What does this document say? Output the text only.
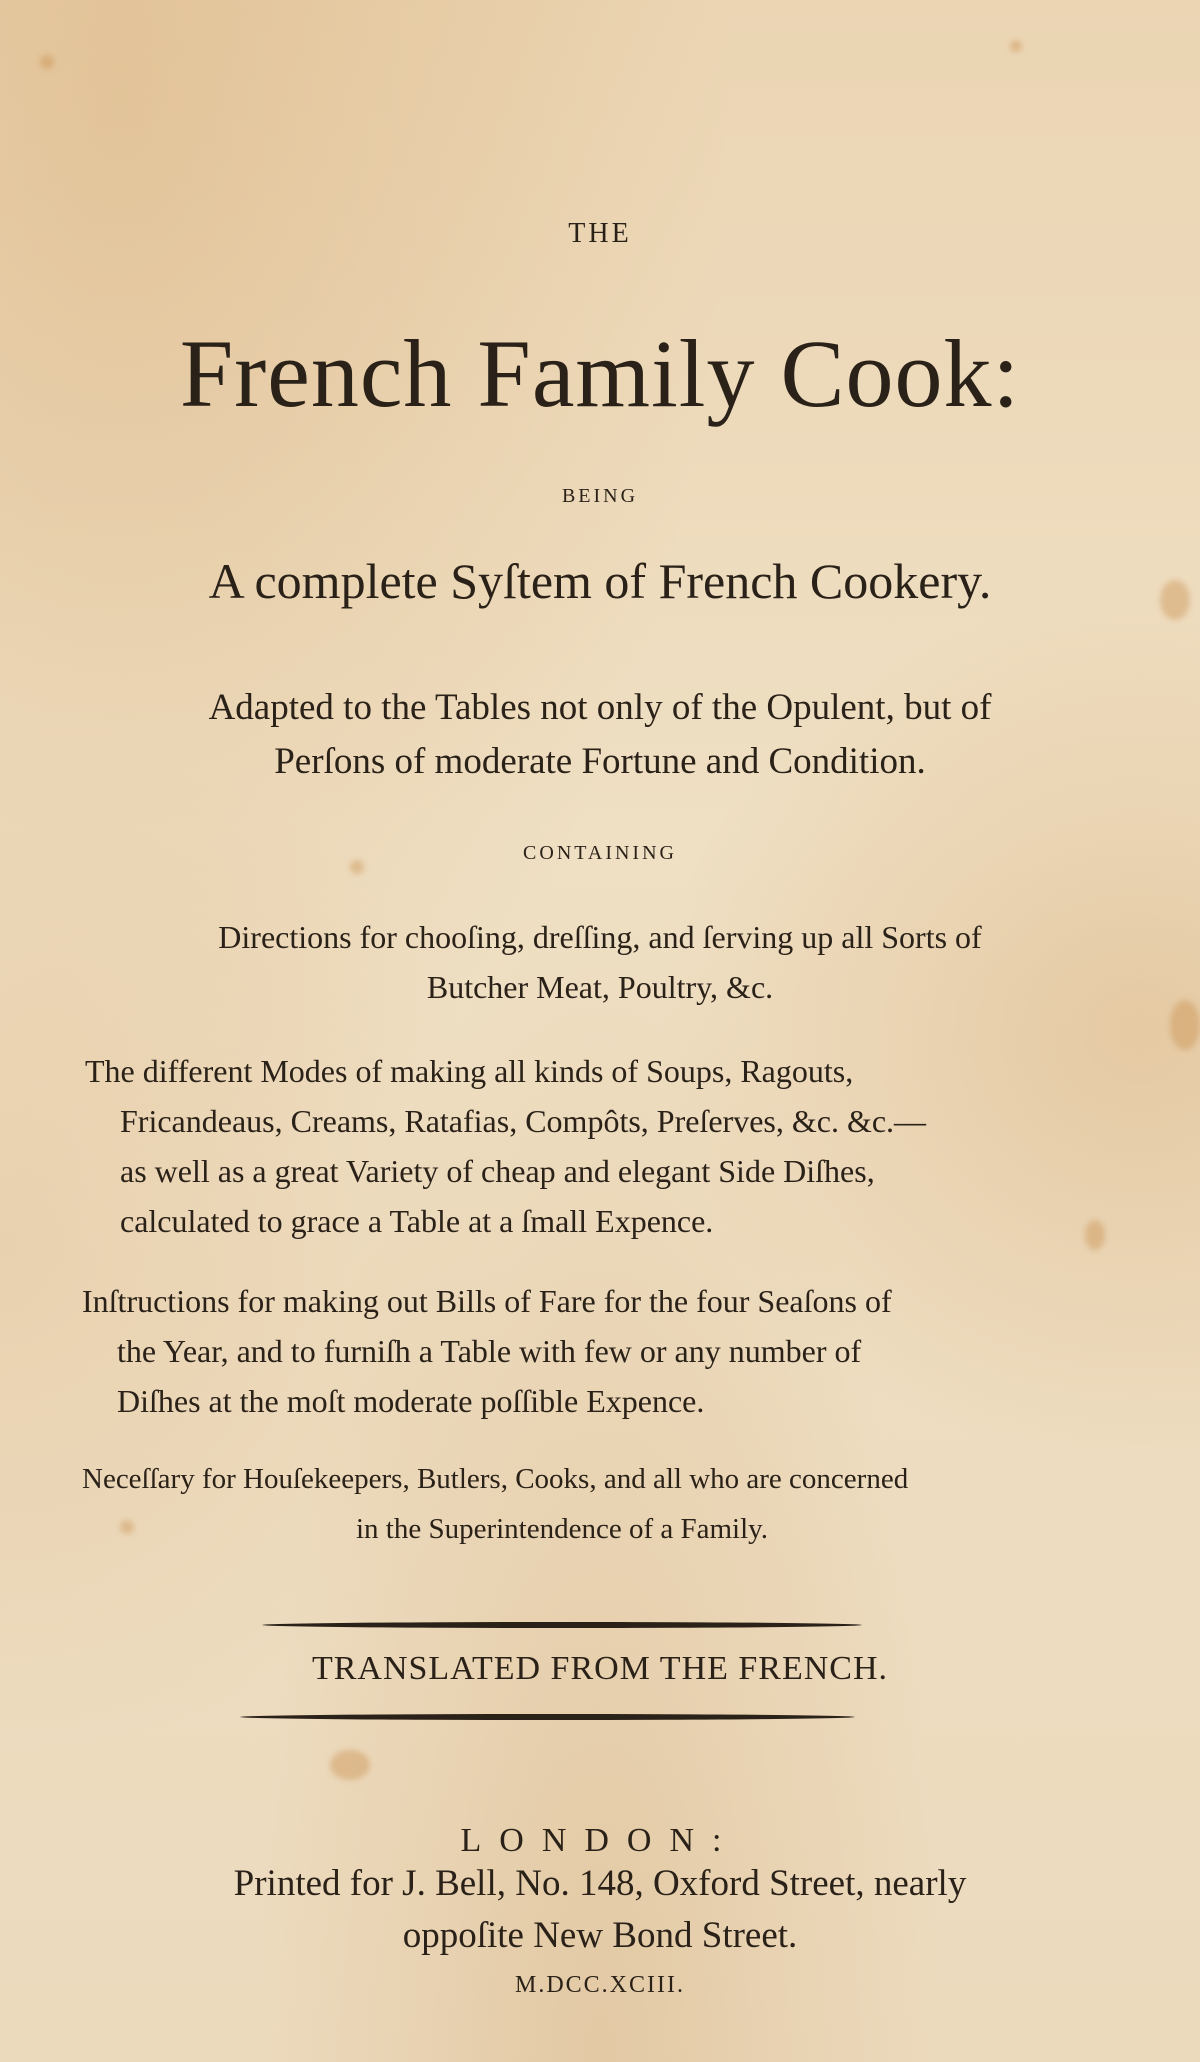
THE
French Family Cook:
BEING
A complete Syſtem of French Cookery.
Adapted to the Tables not only of the Opulent, but of
Perſons of moderate Fortune and Condition.
CONTAINING
Directions for chooſing, dreſſing, and ſerving up all Sorts of
Butcher Meat, Poultry, &c.
The different Modes of making all kinds of Soups, Ragouts,
Fricandeaus, Creams, Ratafias, Compôts, Preſerves, &c. &c.—
as well as a great Variety of cheap and elegant Side Diſhes,
calculated to grace a Table at a ſmall Expence.
Inſtructions for making out Bills of Fare for the four Seaſons of
the Year, and to furniſh a Table with few or any number of
Diſhes at the moſt moderate poſſible Expence.
Neceſſary for Houſekeepers, Butlers, Cooks, and all who are concerned
in the Superintendence of a Family.
TRANSLATED FROM THE FRENCH.
LONDON:
Printed for J. Bell, No. 148, Oxford Street, nearly
oppoſite New Bond Street.
M.DCC.XCIII.
